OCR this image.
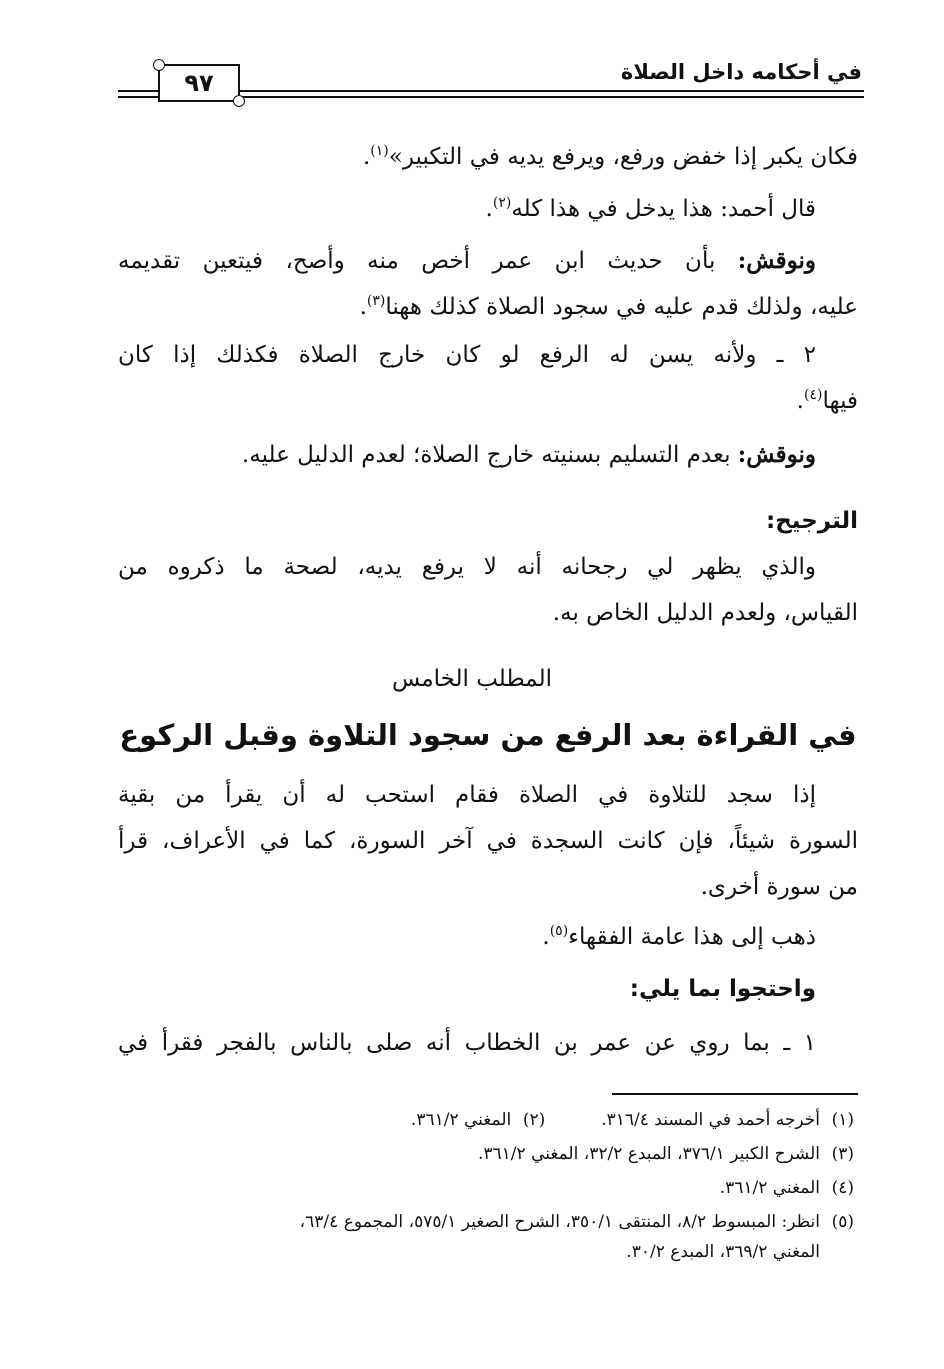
في أحكامه داخل الصلاة
٩٧
فكان يكبر إذا خفض ورفع، ويرفع يديه في التكبير»$^{(١)}$.
قال أحمد: هذا يدخل في هذا كله$^{(٢)}$.
ونوقش: بأن حديث ابن عمر أخص منه وأصح، فيتعين تقديمه
عليه، ولذلك قدم عليه في سجود الصلاة كذلك ههنا$^{(٣)}$.
٢ ـ ولأنه يسن له الرفع لو كان خارج الصلاة فكذلك إذا كان
فيها$^{(٤)}$.
ونوقش: بعدم التسليم بسنيته خارج الصلاة؛ لعدم الدليل عليه.
الترجيح:
والذي يظهر لي رجحانه أنه لا يرفع يديه، لصحة ما ذكروه من
القياس، ولعدم الدليل الخاص به.
المطلب الخامس
في القراءة بعد الرفع من سجود التلاوة وقبل الركوع
إذا سجد للتلاوة في الصلاة فقام استحب له أن يقرأ من بقية
السورة شيئاً، فإن كانت السجدة في آخر السورة، كما في الأعراف، قرأ
من سورة أخرى.
ذهب إلى هذا عامة الفقهاء$^{(٥)}$.
واحتجوا بما يلي:
١ ـ بما روي عن عمر بن الخطاب أنه صلى بالناس بالفجر فقرأ في
(١)أخرجه أحمد في المسند ٣١٦/٤.(٢)المغني ٣٦١/٢.
(٣)الشرح الكبير ٣٧٦/١، المبدع ٣٢/٢، المغني ٣٦١/٢.
(٤)المغني ٣٦١/٢.
(٥)انظر: المبسوط ٨/٢، المنتقى ٣٥٠/١، الشرح الصغير ٥٧٥/١، المجموع ٦٣/٤،
المغني ٣٦٩/٢، المبدع ٣٠/٢.
